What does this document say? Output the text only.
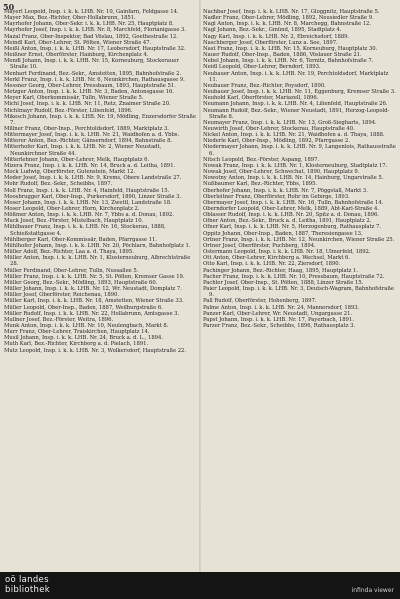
50

Mayerl Leopold, Insp. i. k. k. LHB. Nr. 10, Gainfarn, Feldgasse 14.

Mayer Max, Bez.-Richter, Ober-Hollabrunn, 1851.

Mayrhofer Johann, Ober-Sekr. i. k. k. LHB. Nr. 25, Hauptplatz 8.

Mayrhofer Josef, Insp. i. k. k. LHB. Nr. 8, Marchfeld, Florianigasse 3.

Mazal Franz, Ober-Inspektor, Bad Vöslau, 1892, Goethestraße 12.

Meindl Karl, Ober-Lehrer, St. Pölten, Wiener Straße 47.

Meißl Anton, Insp. i. k. k. LHB. Nr. 17, Leobersdorf, Hauptstraße 32.

Meißner Ernst, Oberförster, Hainburg, Kirchenplatz 4.

Mendl Johann, Insp. i. k. k. LHB. Nr. 15, Korneuburg, Stockerauer Straße 10.

Menhart Ferdinand, Bez.-Sekr., Amstetten, 1895, Bahnhofstraße 2.

Merkl Franz, Insp. i. k. k. LHB. Nr. 6, Neunkirchen, Rathausgasse 9.

Messner Georg, Ober-Lehrer, Pressbaum, 1893, Hauptstraße 51.

Metzger Anton, Insp. i. k. k. LHB. Nr. 3, Baden, Antonsgasse 16.

Meyer Karl, Oberkommissär, Tulln, Wiener Straße 5.

Michl Josef, Insp. i. k. k. LHB. Nr. 11, Retz, Znaimer Straße 20.

Michlmayr Rudolf, Bez.-Förster, Lilienfeld, 1896.

Mikesch Johann, Insp. i. k. k. LHB. Nr. 19, Mödling, Enzersdorfer Straße 7.

Millner Franz, Ober-Insp., Perchtoldsdorf, 1889, Marktplatz 3.

Mittermayer Josef, Insp. i. k. k. LHB. Nr. 21, Waidhofen a. d. Ybbs.

Mitterer Anton, Bez.-Richter, Gänserndorf, 1894, Bahnstraße 8.

Mitterhofer Karl, Insp. i. k. k. LHB. Nr. 2, Wiener Neustadt, Neunkirchner Straße 44.

Mitterlehner Johann, Ober-Lehrer, Melk, Hauptplatz 6.

Mizera Franz, Insp. i. k. k. LHB. Nr. 14, Bruck a. d. Leitha, 1891.

Mock Ludwig, Oberförster, Gutenstein, Markt 12.

Moder Josef, Insp. i. k. k. LHB. Nr. 9, Krems, Obere Landstraße 27.

Mohr Rudolf, Bez.-Sekr., Scheibbs, 1897.

Moll Franz, Insp. i. k. k. LHB. Nr. 4, Hainfeld, Hauptstraße 15.

Moosbrugger Karl, Ober-Insp., Purkersdorf, 1890, Linzer Straße 3.

Moser Johann, Insp. i. k. k. LHB. Nr. 13, Zwettl, Landstraße 18.

Moser Leopold, Ober-Lehrer, Horn, Kirchenplatz 2.

Mößmer Anton, Insp. i. k. k. LHB. Nr. 7, Ybbs a. d. Donau, 1892.

Muck Josef, Bez.-Förster, Mistelbach, Hauptplatz 10.

Mühlbauer Franz, Insp. i. k. k. LHB. Nr. 16, Stockerau, 1888, Schießstattgasse 4.

Mühlberger Karl, Ober-Kommissär, Baden, Pfarrgasse 11.

Mühlhofer Johann, Insp. i. k. k. LHB. Nr. 20, Pöchlarn, Bahnhofplatz 1.

Müller Adolf, Bez.-Richter, Laa a. d. Thaya, 1895.

Müller Anton, Insp. i. k. k. LHB. Nr. 1, Klosterneuburg, Albrechtstraße 28.

Müller Ferdinand, Ober-Lehrer, Tulln, Nussallee 5.

Müller Franz, Insp. i. k. k. LHB. Nr. 5, St. Pölten, Kremser Gasse 19.

Müller Georg, Bez.-Sekr., Mödling, 1893, Hauptstraße 60.

Müller Johann, Insp. i. k. k. LHB. Nr. 12, Wr. Neustadt, Domplatz 7.

Müller Josef, Oberförster, Reichenau, 1890.

Müller Karl, Insp. i. k. k. LHB. Nr. 18, Amstetten, Wiener Straße 33.

Müller Leopold, Ober-Insp., Baden, 1887, Weilburgstraße 6.

Müller Rudolf, Insp. i. k. k. LHB. Nr. 22, Hollabrunn, Amtsgasse 3.

Mullner Josef, Bez.-Förster, Weitra, 1896.

Munk Anton, Insp. i. k. k. LHB. Nr. 10, Neulengbach, Markt 8.

Murr Franz, Ober-Lehrer, Traiskirchen, Hauptplatz 14.

Musil Johann, Insp. i. k. k. LHB. Nr. 24, Bruck a. d. L., 1894.

Muth Karl, Bez.-Richter, Kirchberg a. d. Pielach, 1891.

Mutz Leopold, Insp. i. k. k. LHB. Nr. 3, Wolkersdorf, Hauptstraße 22.

Nachbar Josef, Insp. i. k. k. LHB. Nr. 17, Gloggnitz, Hauptstraße 5.

Nadler Franz, Ober-Lehrer, Mödling, 1892, Neusiedler Straße 9.

Nagl Anton, Insp. i. k. k. LHB. Nr. 8, Marchegg, Bahnstraße 12.

Nagl Johann, Bez.-Sekr., Gmünd, 1895, Stadtplatz 4.

Nagy Karl, Insp. i. k. k. LHB. Nr. 2, Ebreichsdorf, 1889.

Naschberger Josef, Oberförster, Lunz a. See, 1897.

Nast Franz, Insp. i. k. k. LHB. Nr. 15, Korneuburg, Hauptplatz 30.

Nauer Rudolf, Ober-Insp., Baden, 1886, Vöslauer Straße 21.

Nebel Johann, Insp. i. k. k. LHB. Nr. 6, Ternitz, Bahnhofstraße 7.

Neidl Leopold, Ober-Lehrer, Berndorf, 1893.

Neubauer Anton, Insp. i. k. k. LHB. Nr. 19, Perchtoldsdorf, Marktplatz 11.

Neubauer Franz, Bez.-Richter, Poysdorf, 1890.

Neubauer Josef, Insp. i. k. k. LHB. Nr. 11, Eggenburg, Kremser Straße 3.

Neuhold Karl, Oberförster, Mariazell, 1896.

Neumann Johann, Insp. i. k. k. LHB. Nr. 4, Lilienfeld, Hauptstraße 26.

Neumann Rudolf, Bez.-Sekr., Wiener Neustadt, 1891, Herzog-Leopold-Straße 8.

Neumayer Franz, Insp. i. k. k. LHB. Nr. 13, Groß-Siegharts, 1894.

Neuwirth Josef, Ober-Lehrer, Stockerau, Hauptstraße 40.

Nickel Anton, Insp. i. k. k. LHB. Nr. 21, Waidhofen a. d. Thaya, 1888.

Niederle Karl, Ober-Insp., Mödling, 1892, Pfarrgasse 2.

Niedermayer Johann, Insp. i. k. k. LHB. Nr. 9, Langenlois, Rathausstraße 6.

Nitsch Leopold, Bez.-Förster, Aspang, 1897.

Nowak Franz, Insp. i. k. k. LHB. Nr. 1, Klosterneuburg, Stadtplatz 17.

Nowak Josef, Ober-Lehrer, Schwechat, 1890, Hauptplatz 9.

Nowotny Anton, Insp. i. k. k. LHB. Nr. 14, Hainburg, Ungarstraße 5.

Nußbaumer Karl, Bez.-Richter, Ybbs, 1895.

Oberhofer Johann, Insp. i. k. k. LHB. Nr. 7, Pöggstall, Markt 3.

Oberleitner Franz, Oberförster, Rohr im Gebirge, 1893.

Obermayer Josef, Insp. i. k. k. LHB. Nr. 16, Tulln, Bahnhofstraße 14.

Oberndorfer Leopold, Ober-Lehrer, Melk, 1889, Abt-Karl-Straße 4.

Oblasser Rudolf, Insp. i. k. k. LHB. Nr. 20, Spitz a. d. Donau, 1896.

Ofner Anton, Bez.-Sekr., Bruck a. d. Leitha, 1891, Hauptplatz 2.

Ofner Karl, Insp. i. k. k. LHB. Nr. 5, Herzogenburg, Rathausplatz 7.

Oppitz Johann, Ober-Insp., Baden, 1887, Theresiengasse 13.

Ortner Franz, Insp. i. k. k. LHB. Nr. 12, Neunkirchen, Wiener Straße 25.

Ortner Josef, Oberförster, Puchberg, 1894.

Ostermann Leopold, Insp. i. k. k. LHB. Nr. 18, Ulmerfeld, 1892.

Ott Anton, Ober-Lehrer, Kirchberg a. Wechsel, Markt 6.

Otto Karl, Insp. i. k. k. LHB. Nr. 22, Ziersdorf, 1890.

Pachinger Johann, Bez.-Richter, Haag, 1895, Hauptplatz 1.

Pacher Franz, Insp. i. k. k. LHB. Nr. 10, Pressbaum, Hauptstraße 72.

Pachler Josef, Ober-Insp., St. Pölten, 1888, Linzer Straße 15.

Paier Leopold, Insp. i. k. k. LHB. Nr. 3, Deutsch-Wagram, Bahnhofstraße 9.

Pall Rudolf, Oberförster, Hohenberg, 1897.

Palme Anton, Insp. i. k. k. LHB. Nr. 24, Mannersdorf, 1893.

Panzer Karl, Ober-Lehrer, Wr. Neustadt, Ungargasse 21.

Papst Johann, Insp. i. k. k. LHB. Nr. 17, Payerbach, 1891.

Parzer Franz, Bez.-Sekr., Scheibbs, 1896, Rathausplatz 3.

oö landes
bibliothek	infinda viewer
